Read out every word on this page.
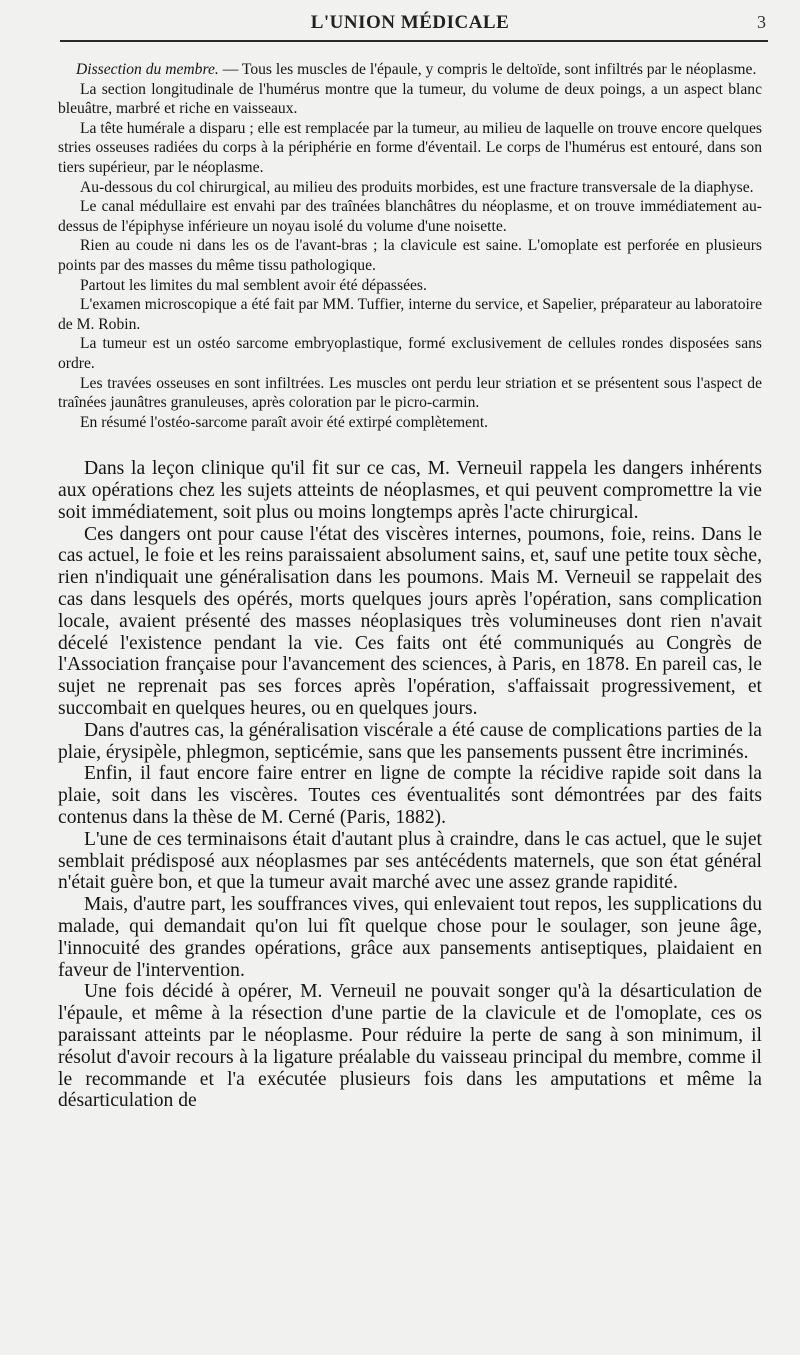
L'UNION MÉDICALE	3

Dissection du membre. — Tous les muscles de l'épaule, y compris le deltoïde, sont infiltrés par le néoplasme.

La section longitudinale de l'humérus montre que la tumeur, du volume de deux poings, a un aspect blanc bleuâtre, marbré et riche en vaisseaux.

La tête humérale a disparu ; elle est remplacée par la tumeur, au milieu de laquelle on trouve encore quelques stries osseuses radiées du corps à la périphérie en forme d'éventail. Le corps de l'humérus est entouré, dans son tiers supérieur, par le néoplasme.

Au-dessous du col chirurgical, au milieu des produits morbides, est une fracture transversale de la diaphyse.

Le canal médullaire est envahi par des traînées blanchâtres du néoplasme, et on trouve immédiatement au-dessus de l'épiphyse inférieure un noyau isolé du volume d'une noisette.

Rien au coude ni dans les os de l'avant-bras ; la clavicule est saine. L'omoplate est perforée en plusieurs points par des masses du même tissu pathologique.

Partout les limites du mal semblent avoir été dépassées.

L'examen microscopique a été fait par MM. Tuffier, interne du service, et Sapelier, préparateur au laboratoire de M. Robin.

La tumeur est un ostéo sarcome embryoplastique, formé exclusivement de cellules rondes disposées sans ordre.

Les travées osseuses en sont infiltrées. Les muscles ont perdu leur striation et se présentent sous l'aspect de traînées jaunâtres granuleuses, après coloration par le picro-carmin.

En résumé l'ostéo-sarcome paraît avoir été extirpé complètement.

Dans la leçon clinique qu'il fit sur ce cas, M. Verneuil rappela les dangers inhérents aux opérations chez les sujets atteints de néoplasmes, et qui peuvent compromettre la vie soit immédiatement, soit plus ou moins longtemps après l'acte chirurgical.

Ces dangers ont pour cause l'état des viscères internes, poumons, foie, reins. Dans le cas actuel, le foie et les reins paraissaient absolument sains, et, sauf une petite toux sèche, rien n'indiquait une généralisation dans les poumons. Mais M. Verneuil se rappelait des cas dans lesquels des opérés, morts quelques jours après l'opération, sans complication locale, avaient présenté des masses néoplasiques très volumineuses dont rien n'avait décelé l'existence pendant la vie. Ces faits ont été communiqués au Congrès de l'Association française pour l'avancement des sciences, à Paris, en 1878. En pareil cas, le sujet ne reprenait pas ses forces après l'opération, s'affaissait progressivement, et succombait en quelques heures, ou en quelques jours.

Dans d'autres cas, la généralisation viscérale a été cause de complications parties de la plaie, érysipèle, phlegmon, septicémie, sans que les pansements pussent être incriminés.

Enfin, il faut encore faire entrer en ligne de compte la récidive rapide soit dans la plaie, soit dans les viscères. Toutes ces éventualités sont démontrées par des faits contenus dans la thèse de M. Cerné (Paris, 1882).

L'une de ces terminaisons était d'autant plus à craindre, dans le cas actuel, que le sujet semblait prédisposé aux néoplasmes par ses antécédents maternels, que son état général n'était guère bon, et que la tumeur avait marché avec une assez grande rapidité.

Mais, d'autre part, les souffrances vives, qui enlevaient tout repos, les supplications du malade, qui demandait qu'on lui fît quelque chose pour le soulager, son jeune âge, l'innocuité des grandes opérations, grâce aux pansements antiseptiques, plaidaient en faveur de l'intervention.

Une fois décidé à opérer, M. Verneuil ne pouvait songer qu'à la désarticulation de l'épaule, et même à la résection d'une partie de la clavicule et de l'omoplate, ces os paraissant atteints par le néoplasme. Pour réduire la perte de sang à son minimum, il résolut d'avoir recours à la ligature préalable du vaisseau principal du membre, comme il le recommande et l'a exécutée plusieurs fois dans les amputations et même la désarticulation de
